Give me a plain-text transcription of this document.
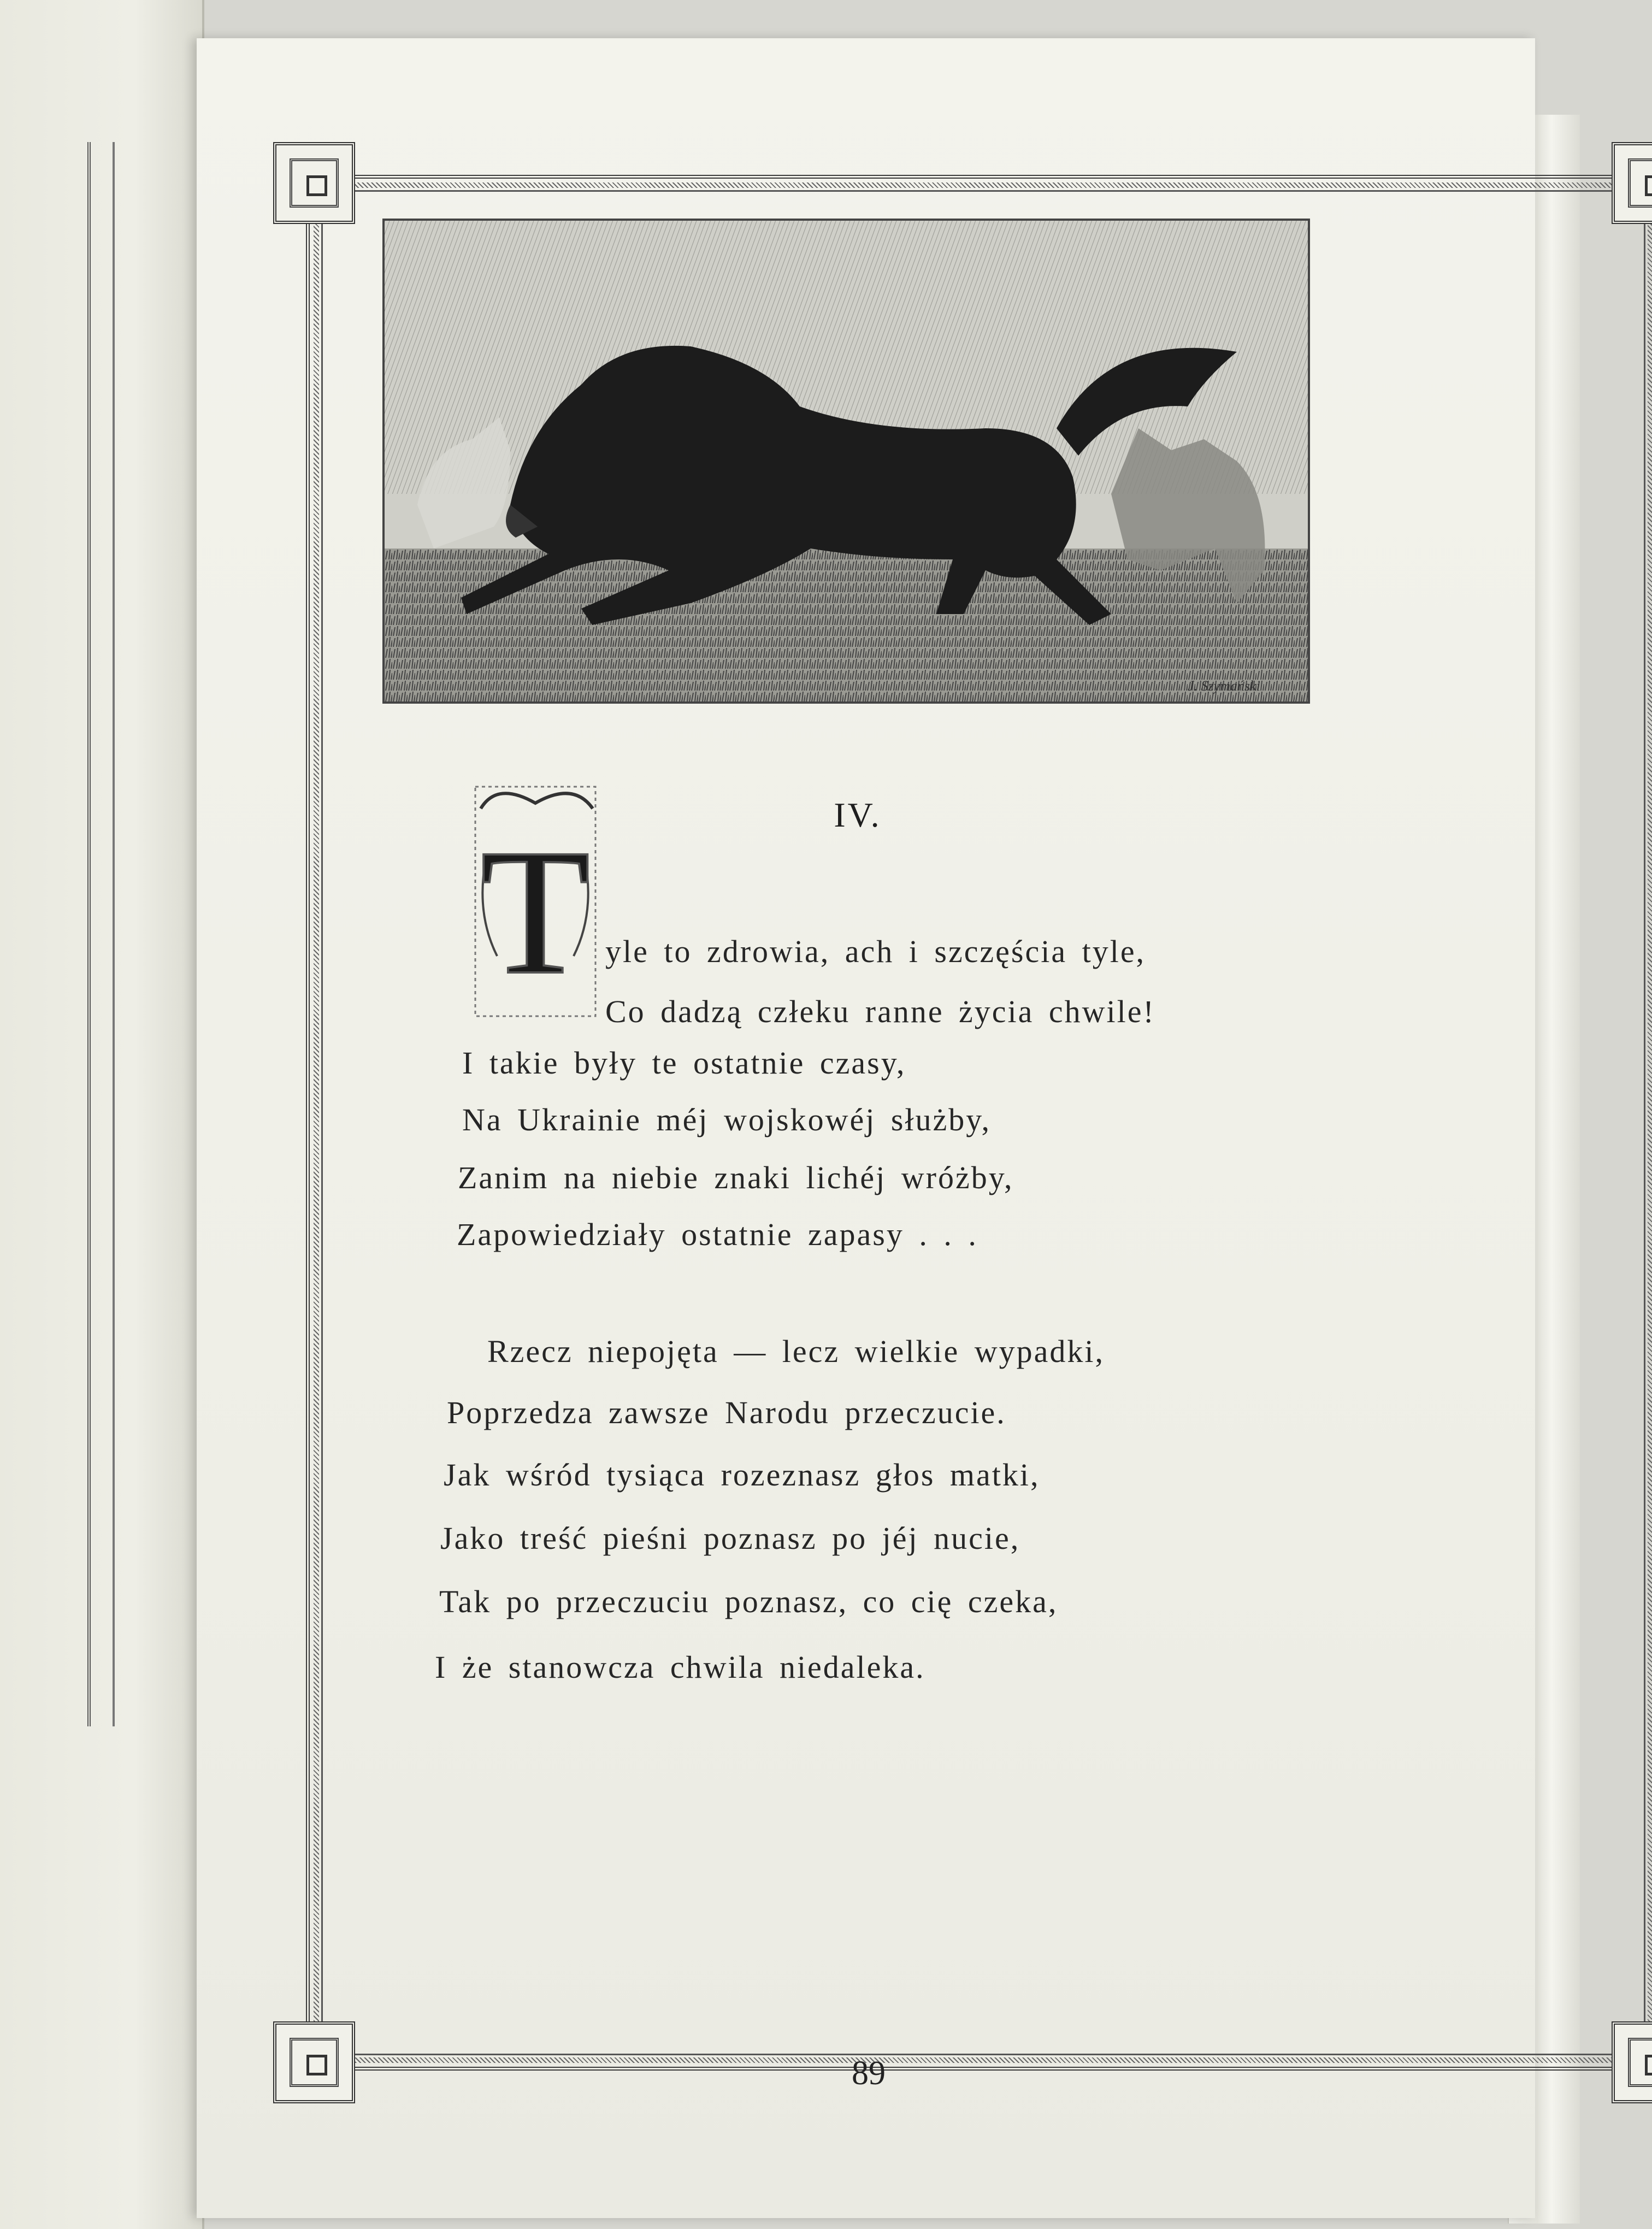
J. Szymański
T	IV.
yle to zdrowia, ach i szczęścia tyle,
Co dadzą człeku ranne życia chwile!
I takie były te ostatnie czasy,
Na Ukrainie méj wojskowéj służby,
Zanim na niebie znaki lichéj wróżby,
Zapowiedziały ostatnie zapasy . . .
Rzecz niepojęta — lecz wielkie wypadki,
Poprzedza zawsze Narodu przeczucie.
Jak wśród tysiąca rozeznasz głos matki,
Jako treść pieśni poznasz po jéj nucie,
Tak po przeczuciu poznasz, co cię czeka,
I że stanowcza chwila niedaleka.
89
